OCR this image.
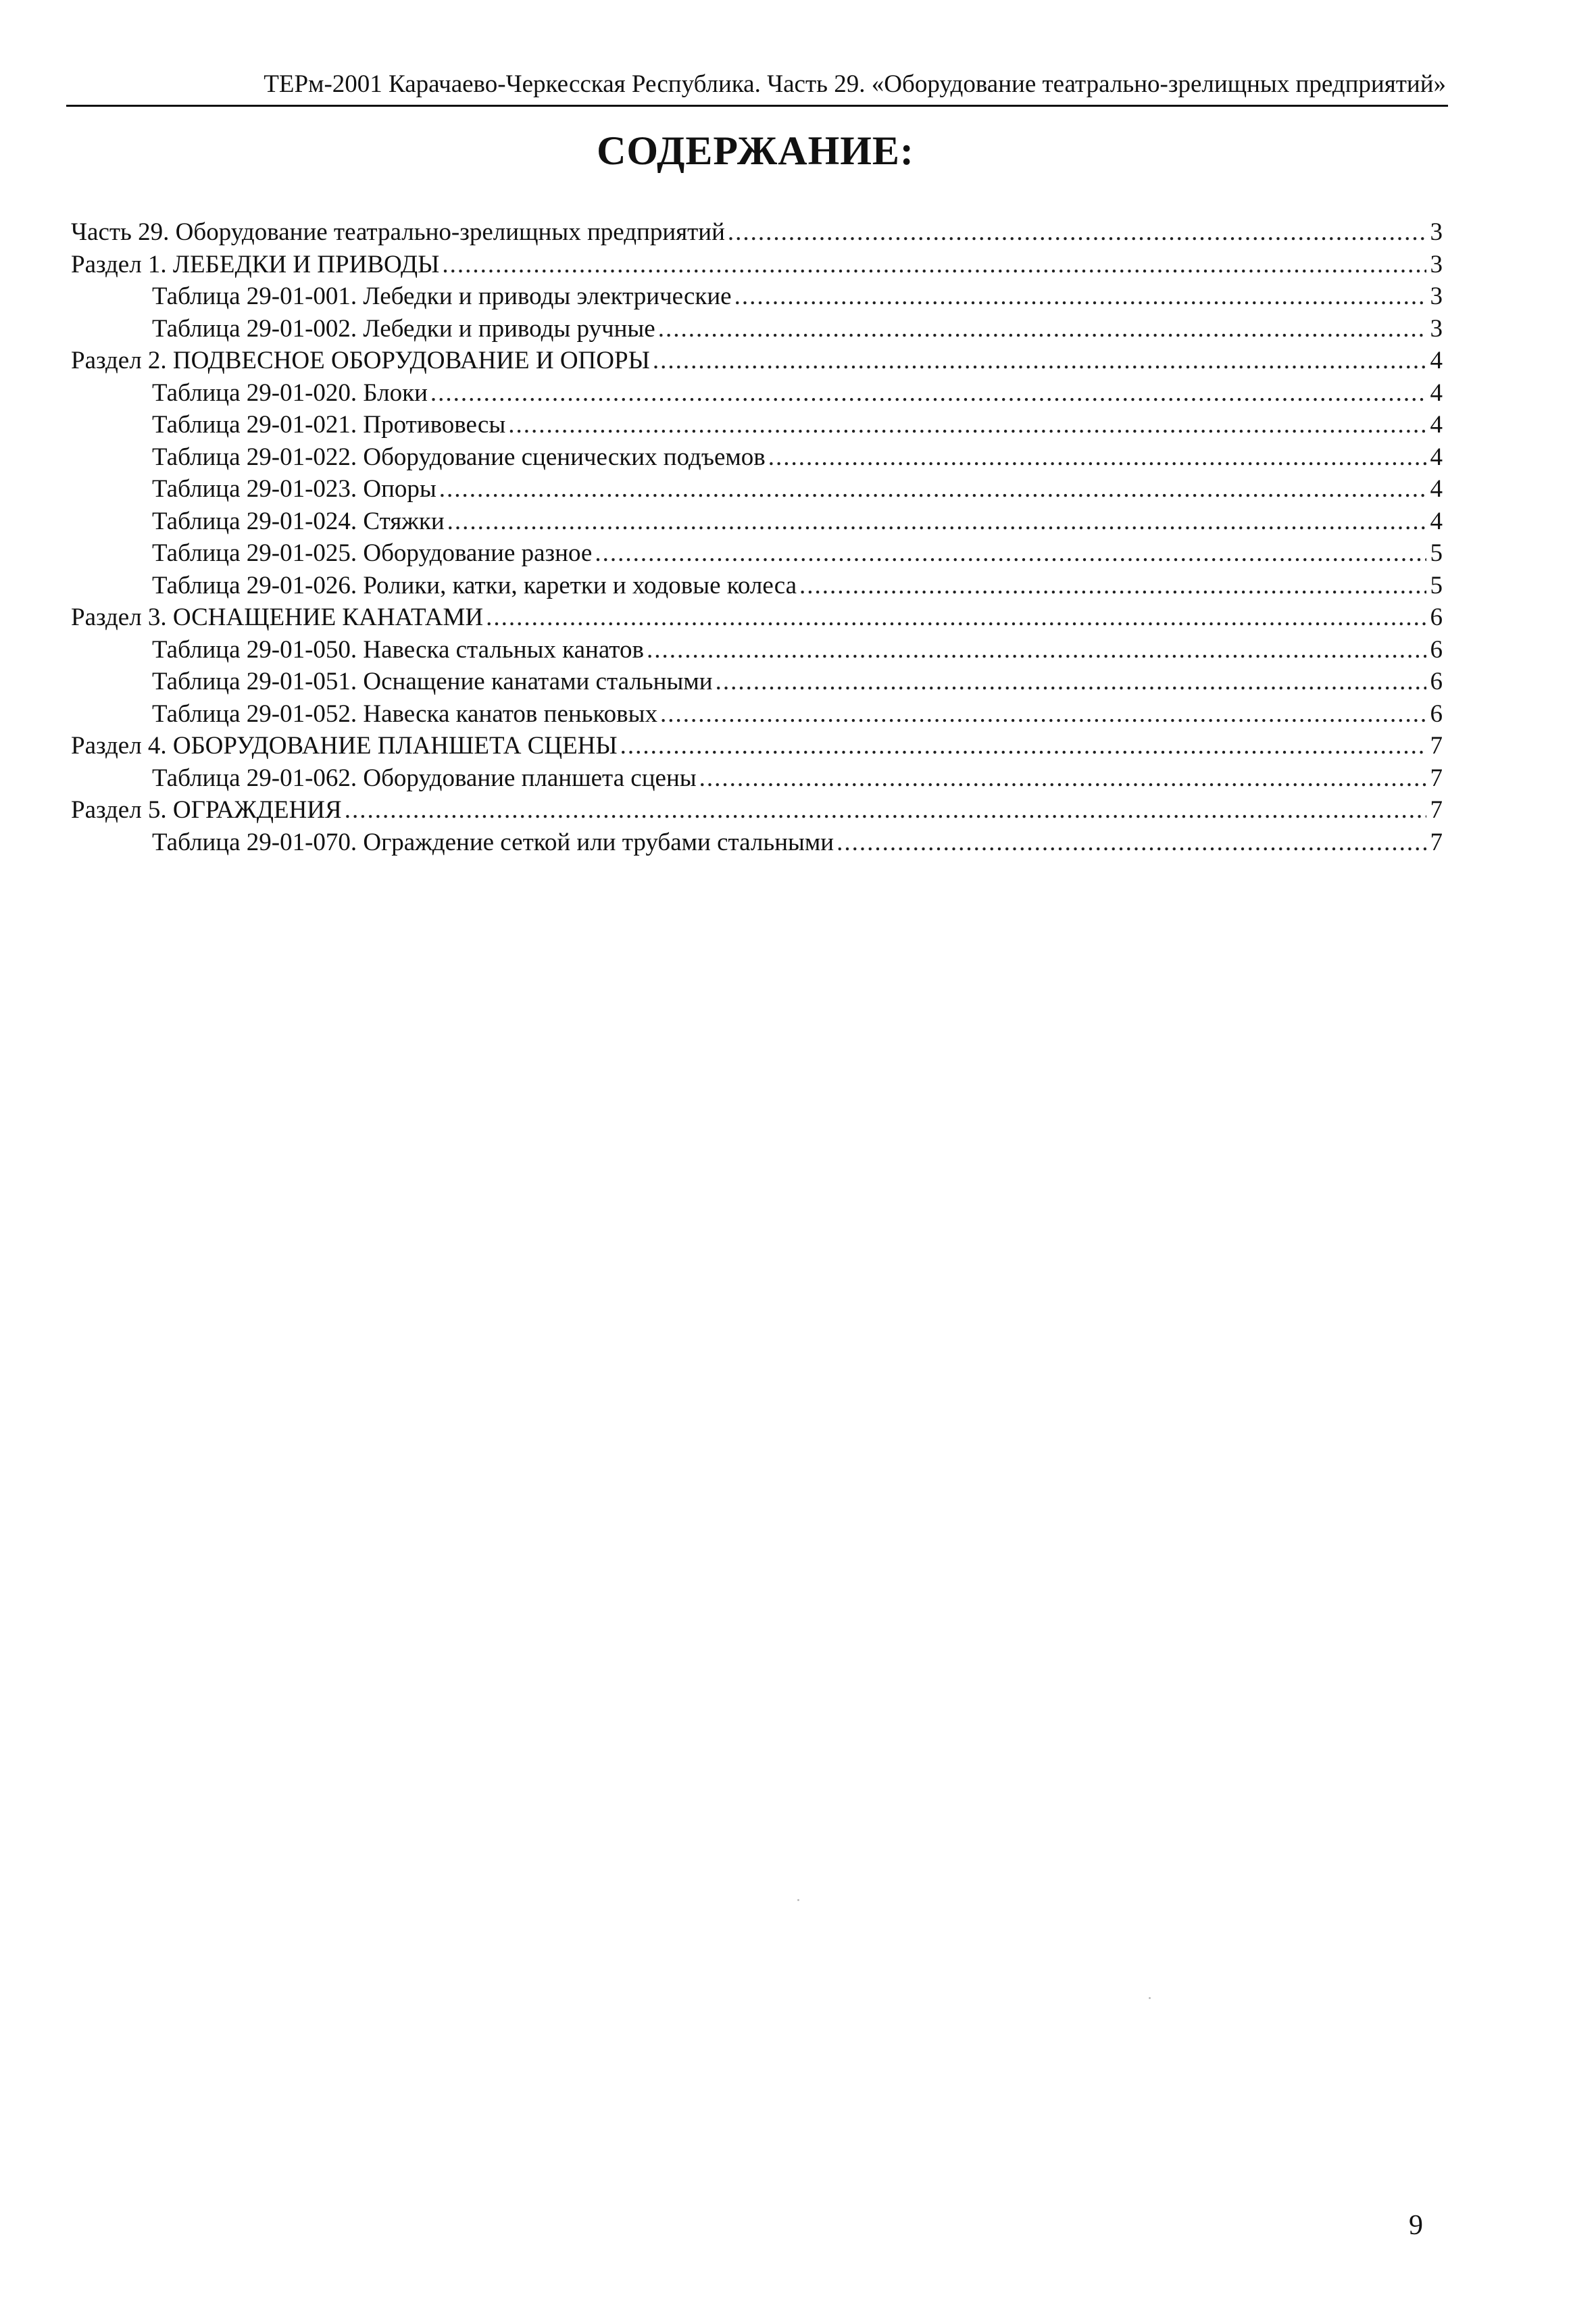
ТЕРм-2001 Карачаево-Черкесская Республика. Часть 29. «Оборудование театрально-зрелищных предприятий»
СОДЕРЖАНИЕ:
Часть 29. Оборудование театрально-зрелищных предприятий .....	3
Раздел 1. ЛЕБЕДКИ И ПРИВОДЫ .....	3
Таблица 29-01-001. Лебедки и приводы электрические .....	3
Таблица 29-01-002. Лебедки и приводы ручные .....	3
Раздел 2. ПОДВЕСНОЕ ОБОРУДОВАНИЕ И ОПОРЫ .....	4
Таблица 29-01-020. Блоки .....	4
Таблица 29-01-021. Противовесы .....	4
Таблица 29-01-022. Оборудование сценических подъемов .....	4
Таблица 29-01-023. Опоры .....	4
Таблица 29-01-024. Стяжки .....	4
Таблица 29-01-025. Оборудование разное .....	5
Таблица 29-01-026. Ролики, катки, каретки и ходовые колеса .....	5
Раздел 3. ОСНАЩЕНИЕ КАНАТАМИ .....	6
Таблица 29-01-050. Навеска стальных канатов .....	6
Таблица 29-01-051. Оснащение канатами стальными .....	6
Таблица 29-01-052. Навеска канатов пеньковых .....	6
Раздел 4. ОБОРУДОВАНИЕ ПЛАНШЕТА СЦЕНЫ .....	7
Таблица 29-01-062. Оборудование планшета сцены .....	7
Раздел 5. ОГРАЖДЕНИЯ .....	7
Таблица 29-01-070. Ограждение сеткой или трубами стальными .....	7
9
